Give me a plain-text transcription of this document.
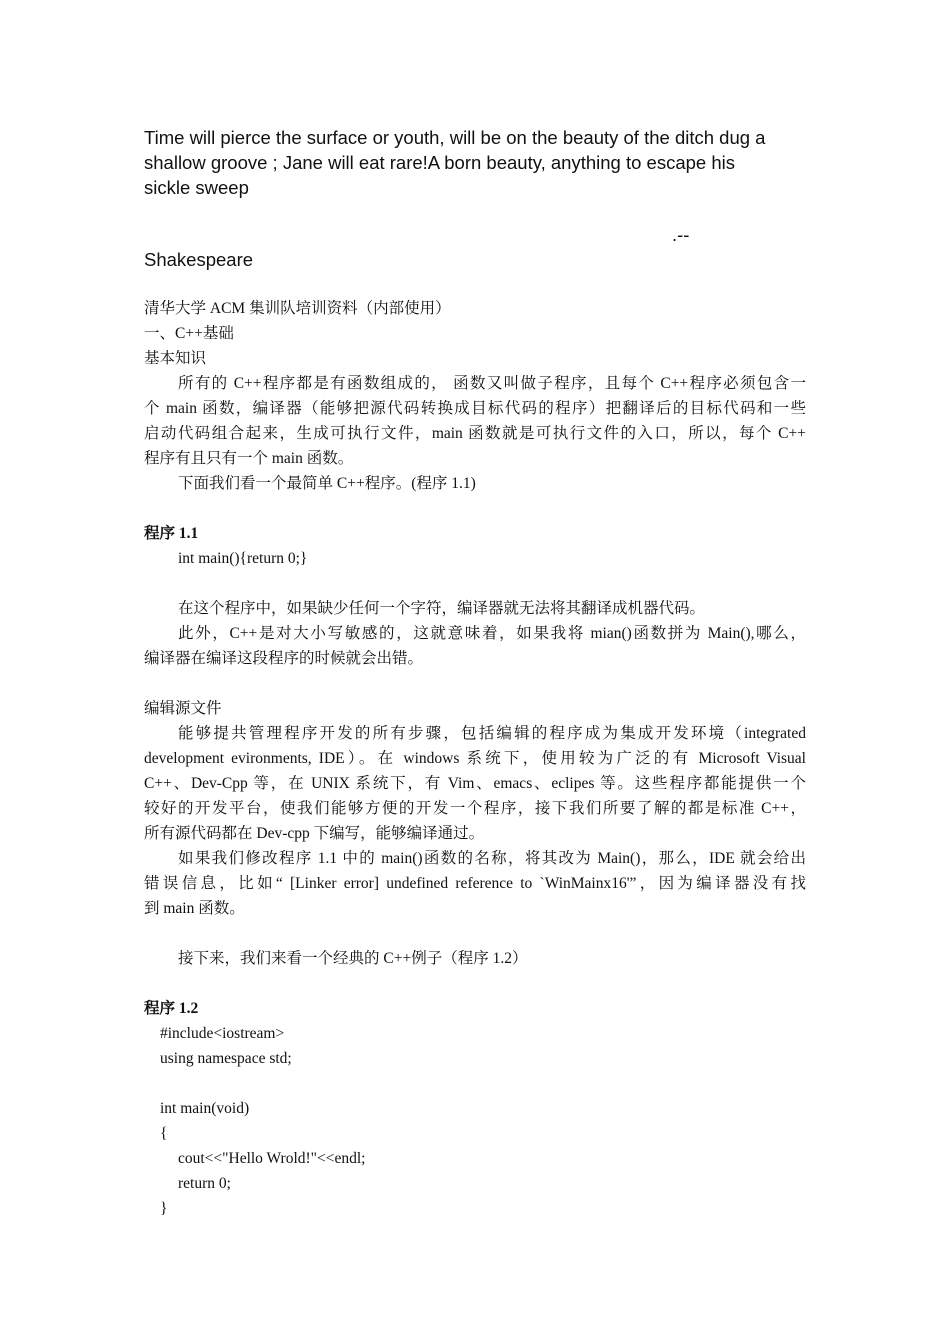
Time will pierce the surface or youth, will be on the beauty of the ditch dug a
shallow groove ; Jane will eat rare!A born beauty, anything to escape his
sickle sweep
.--
Shakespeare
清华大学 ACM 集训队培训资料（内部使用）
一、C++基础
基本知识
所有的 C++程序都是有函数组成的， 函数又叫做子程序，且每个 C++程序必须包含一
个 main 函数，编译器（能够把源代码转换成目标代码的程序）把翻译后的目标代码和一些
启动代码组合起来，生成可执行文件，main 函数就是可执行文件的入口，所以，每个 C++
程序有且只有一个 main 函数。
下面我们看一个最简单 C++程序。(程序 1.1)
程序 1.1
int main(){return 0;}
在这个程序中，如果缺少任何一个字符，编译器就无法将其翻译成机器代码。
此外，C++是对大小写敏感的，这就意味着，如果我将 mian()函数拼为 Main(),哪么，
编译器在编译这段程序的时候就会出错。
编辑源文件
能够提共管理程序开发的所有步骤，包括编辑的程序成为集成开发环境（integrated
development evironments, IDE）。在 windows 系统下，使用较为广泛的有 Microsoft Visual
C++、Dev-Cpp 等，在 UNIX 系统下，有 Vim、emacs、eclipes 等。这些程序都能提供一个
较好的开发平台，使我们能够方便的开发一个程序，接下我们所要了解的都是标准 C++，
所有源代码都在 Dev-cpp 下编写，能够编译通过。
如果我们修改程序 1.1 中的 main()函数的名称，将其改为 Main()，那么，IDE 就会给出
错误信息，比如“ [Linker error] undefined reference to `WinMainx16'”，因为编译器没有找
到 main 函数。
接下来，我们来看一个经典的 C++例子（程序 1.2）
程序 1.2
#include<iostream>
using namespace std;
int main(void)
{
cout<<"Hello Wrold!"<<endl;
return 0;
}
